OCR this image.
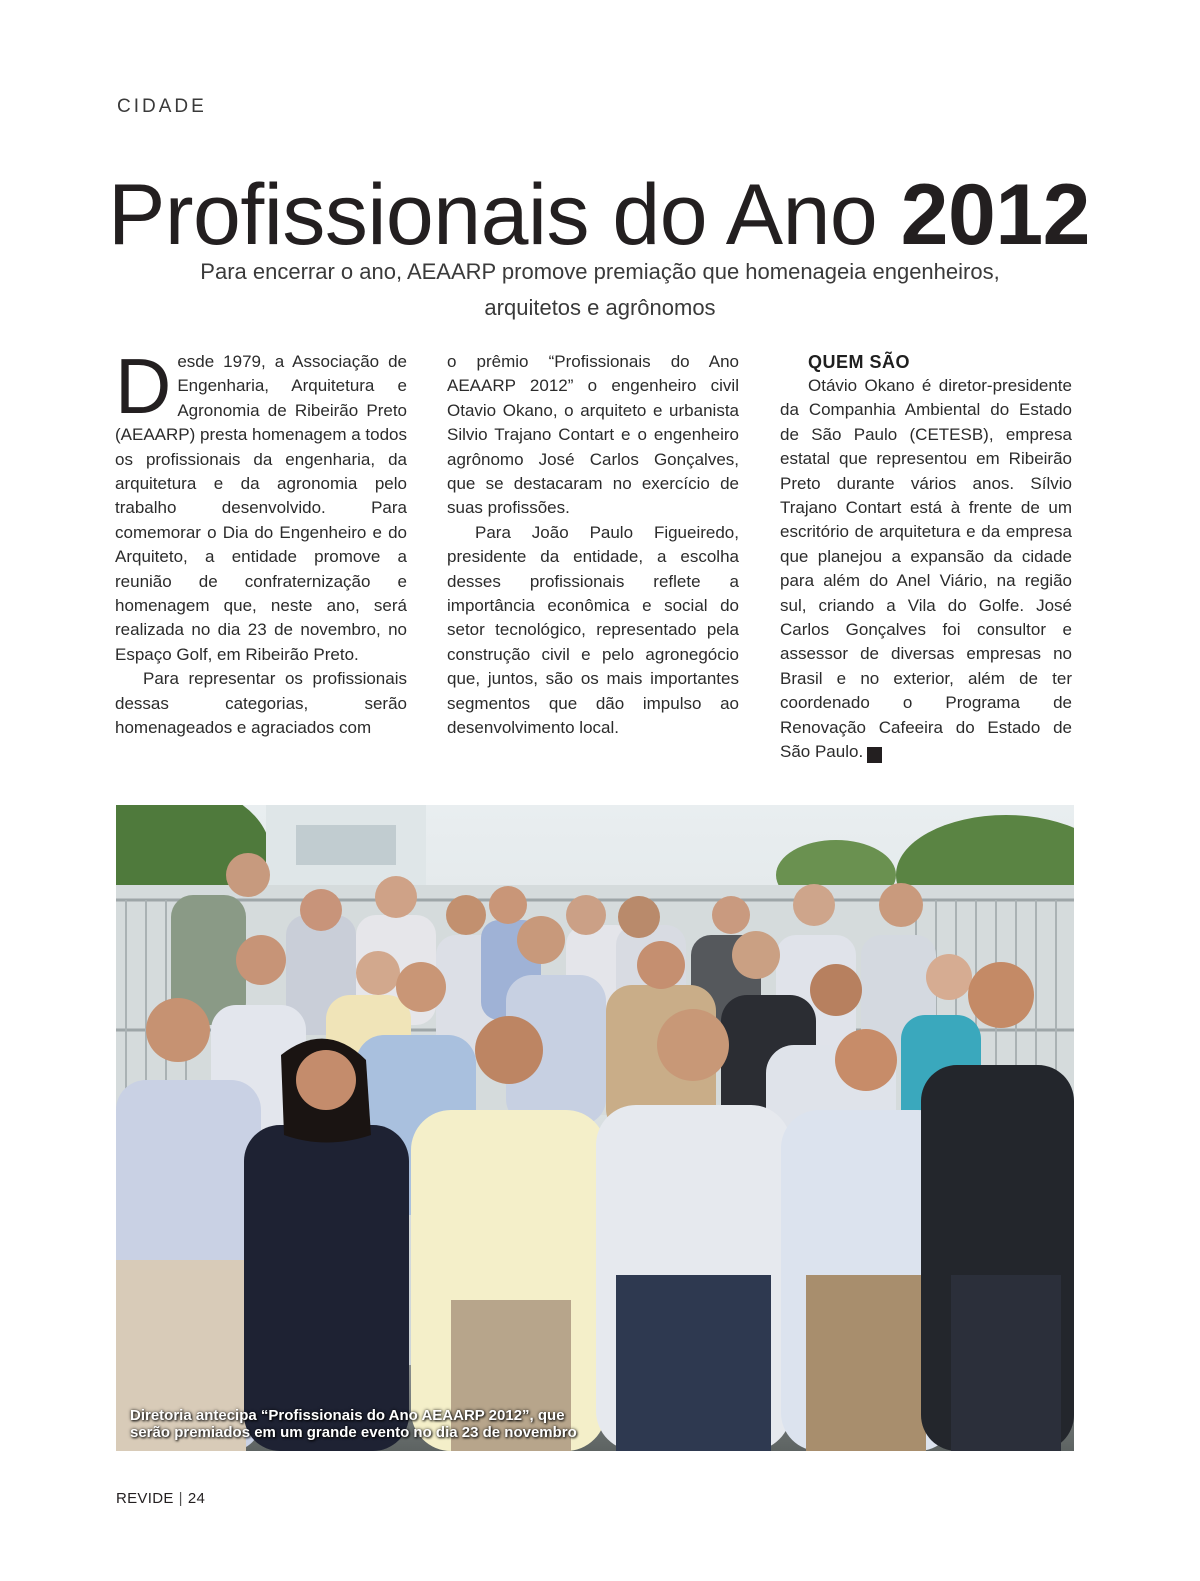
CIDADE
Profissionais do Ano 2012
Para encerrar o ano, AEAARP promove premiação que homenageia engenheiros,
arquitetos e agrônomos

Desde 1979, a Associação de Engenharia, Arquitetura e Agronomia de Ribeirão Preto (AEAARP) presta homenagem a todos os profissionais da engenharia, da arquitetura e da agronomia pelo trabalho desenvolvido. Para comemorar o Dia do Engenheiro e do Arquiteto, a entidade promove a reunião de confraternização e homenagem que, neste ano, será realizada no dia 23 de novembro, no Espaço Golf, em Ribeirão Preto.

Para representar os profissionais dessas categorias, serão homenageados e agraciados com

o prêmio “Profissionais do Ano AEAARP 2012” o engenheiro civil Otavio Okano, o arquiteto e urbanista Silvio Trajano Contart e o engenheiro agrônomo José Carlos Gonçalves, que se destacaram no exercício de suas profissões.

Para João Paulo Figueiredo, presidente da entidade, a escolha desses profissionais reflete a importância econômica e social do setor tecnológico, representado pela construção civil e pelo agronegócio que, juntos, são os mais importantes segmentos que dão impulso ao desenvolvimento local.

QUEM SÃO

Otávio Okano é diretor-presidente da Companhia Ambiental do Estado de São Paulo (CETESB), empresa estatal que representou em Ribeirão Preto durante vários anos. Sílvio Trajano Contart está à frente de um escritório de arquitetura e da empresa que planejou a expansão da cidade para além do Anel Viário, na região sul, criando a Vila do Golfe. José Carlos Gonçalves foi consultor e assessor de diversas empresas no Brasil e no exterior, além de ter coordenado o Programa de Renovação Cafeeira do Estado de São Paulo. r

Diretoria antecipa “Profissionais do Ano AEAARP 2012”, que
serão premiados em um grande evento no dia 23 de novembro
REVIDE | 24
